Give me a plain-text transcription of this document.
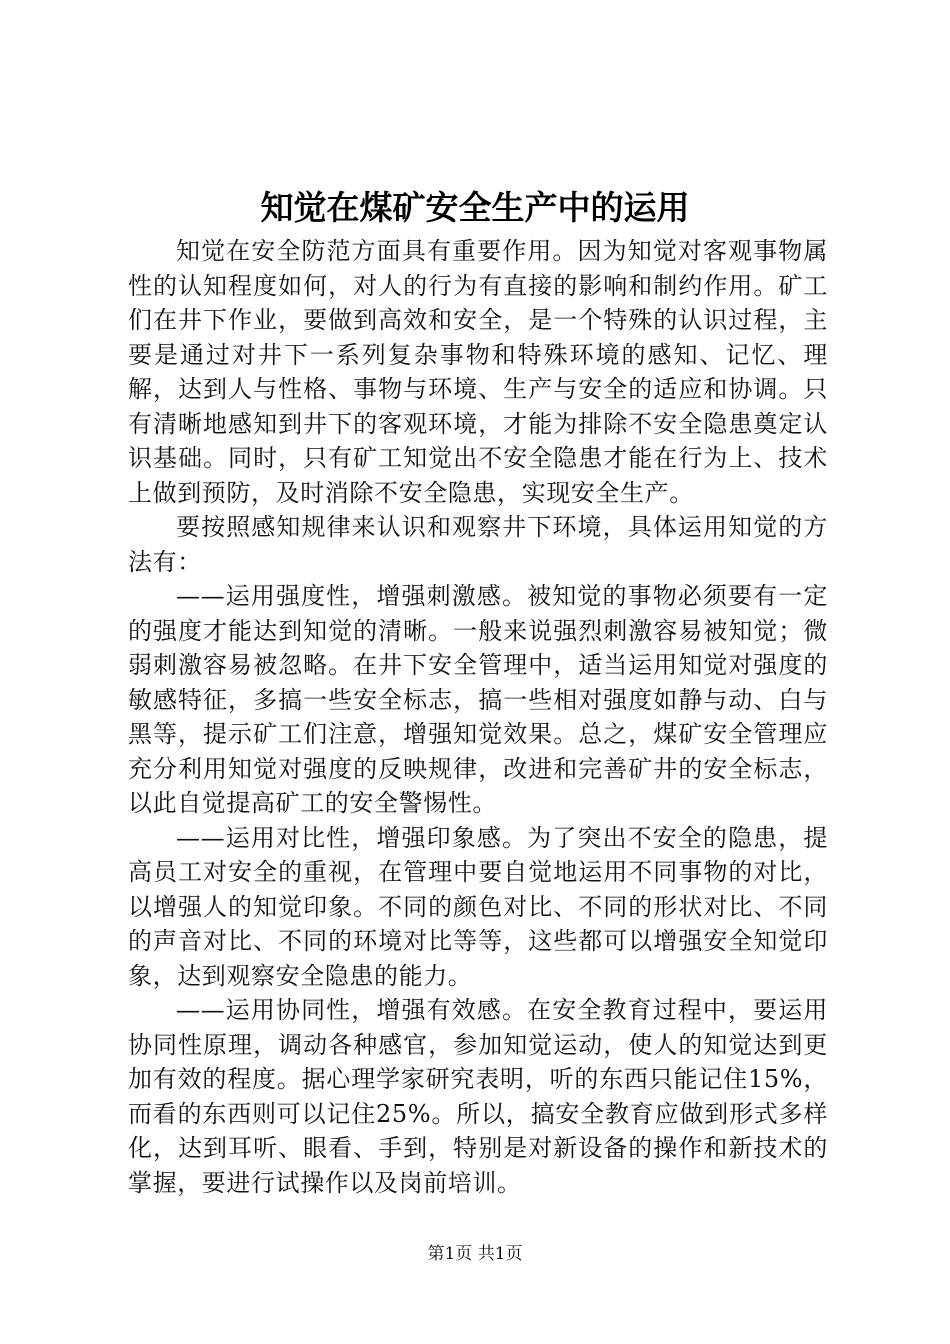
知觉在煤矿安全生产中的运用

知觉在安全防范方面具有重要作用。因为知觉对客观事物属性的认知程度如何，对人的行为有直接的影响和制约作用。矿工们在井下作业，要做到高效和安全，是一个特殊的认识过程，主要是通过对井下一系列复杂事物和特殊环境的感知、记忆、理解，达到人与性格、事物与环境、生产与安全的适应和协调。只有清晰地感知到井下的客观环境，才能为排除不安全隐患奠定认识基础。同时，只有矿工知觉出不安全隐患才能在行为上、技术上做到预防，及时消除不安全隐患，实现安全生产。

要按照感知规律来认识和观察井下环境，具体运用知觉的方法有：

——运用强度性，增强刺激感。被知觉的事物必须要有一定的强度才能达到知觉的清晰。一般来说强烈刺激容易被知觉；微弱刺激容易被忽略。在井下安全管理中，适当运用知觉对强度的敏感特征，多搞一些安全标志，搞一些相对强度如静与动、白与黑等，提示矿工们注意，增强知觉效果。总之，煤矿安全管理应充分利用知觉对强度的反映规律，改进和完善矿井的安全标志，以此自觉提高矿工的安全警惕性。

——运用对比性，增强印象感。为了突出不安全的隐患，提高员工对安全的重视，在管理中要自觉地运用不同事物的对比，以增强人的知觉印象。不同的颜色对比、不同的形状对比、不同的声音对比、不同的环境对比等等，这些都可以增强安全知觉印象，达到观察安全隐患的能力。

——运用协同性，增强有效感。在安全教育过程中，要运用协同性原理，调动各种感官，参加知觉运动，使人的知觉达到更加有效的程度。据心理学家研究表明，听的东西只能记住15%，而看的东西则可以记住25%。所以，搞安全教育应做到形式多样化，达到耳听、眼看、手到，特别是对新设备的操作和新技术的掌握，要进行试操作以及岗前培训。

第1页 共1页
